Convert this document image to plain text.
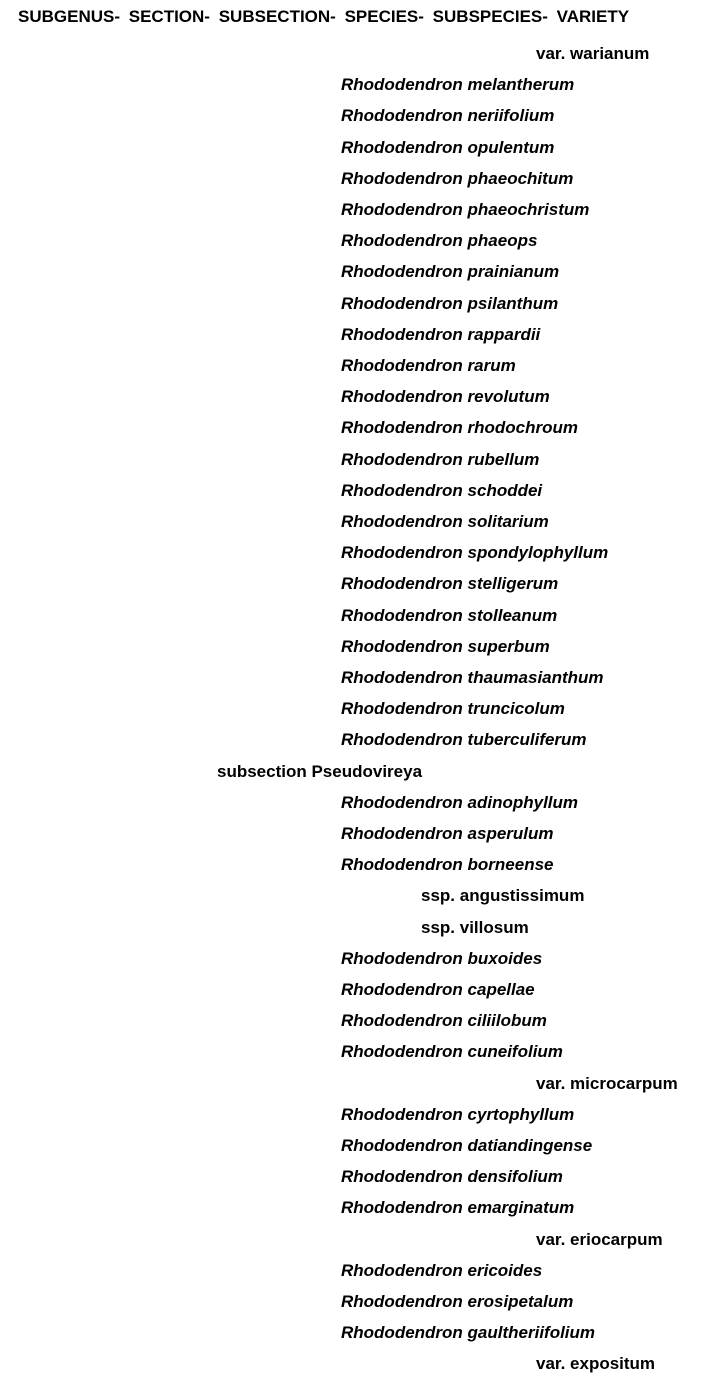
SUBGENUS- SECTION- SUBSECTION- SPECIES- SUBSPECIES- VARIETY
var. warianum
Rhododendron melantherum
Rhododendron neriifolium
Rhododendron opulentum
Rhododendron phaeochitum
Rhododendron phaeochristum
Rhododendron phaeops
Rhododendron prainianum
Rhododendron psilanthum
Rhododendron rappardii
Rhododendron rarum
Rhododendron revolutum
Rhododendron rhodochroum
Rhododendron rubellum
Rhododendron schoddei
Rhododendron solitarium
Rhododendron spondylophyllum
Rhododendron stelligerum
Rhododendron stolleanum
Rhododendron superbum
Rhododendron thaumasianthum
Rhododendron truncicolum
Rhododendron tuberculiferum
subsection Pseudovireya
Rhododendron adinophyllum
Rhododendron asperulum
Rhododendron borneense
ssp. angustissimum
ssp. villosum
Rhododendron buxoides
Rhododendron capellae
Rhododendron ciliilobum
Rhododendron cuneifolium
var. microcarpum
Rhododendron cyrtophyllum
Rhododendron datiandingense
Rhododendron densifolium
Rhododendron emarginatum
var. eriocarpum
Rhododendron ericoides
Rhododendron erosipetalum
Rhododendron gaultheriifolium
var. expositum
